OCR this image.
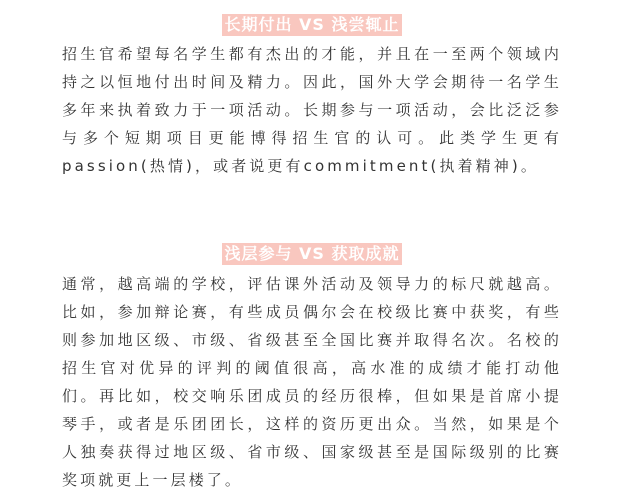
长期付出 VS 浅尝辄止

招生官希望每名学生都有杰出的才能，并且在一至两个领域内持之以恒地付出时间及精力。因此，国外大学会期待一名学生多年来执着致力于一项活动。长期参与一项活动，会比泛泛参与多个短期项目更能博得招生官的认可。此类学生更有passion(热情)，或者说更有commitment(执着精神)。

浅层参与 VS 获取成就

通常，越高端的学校，评估课外活动及领导力的标尺就越高。比如，参加辩论赛，有些成员偶尔会在校级比赛中获奖，有些则参加地区级、市级、省级甚至全国比赛并取得名次。名校的招生官对优异的评判的阈值很高，高水准的成绩才能打动他们。再比如，校交响乐团成员的经历很棒，但如果是首席小提琴手，或者是乐团团长，这样的资历更出众。当然，如果是个人独奏获得过地区级、省市级、国家级甚至是国际级别的比赛奖项就更上一层楼了。
